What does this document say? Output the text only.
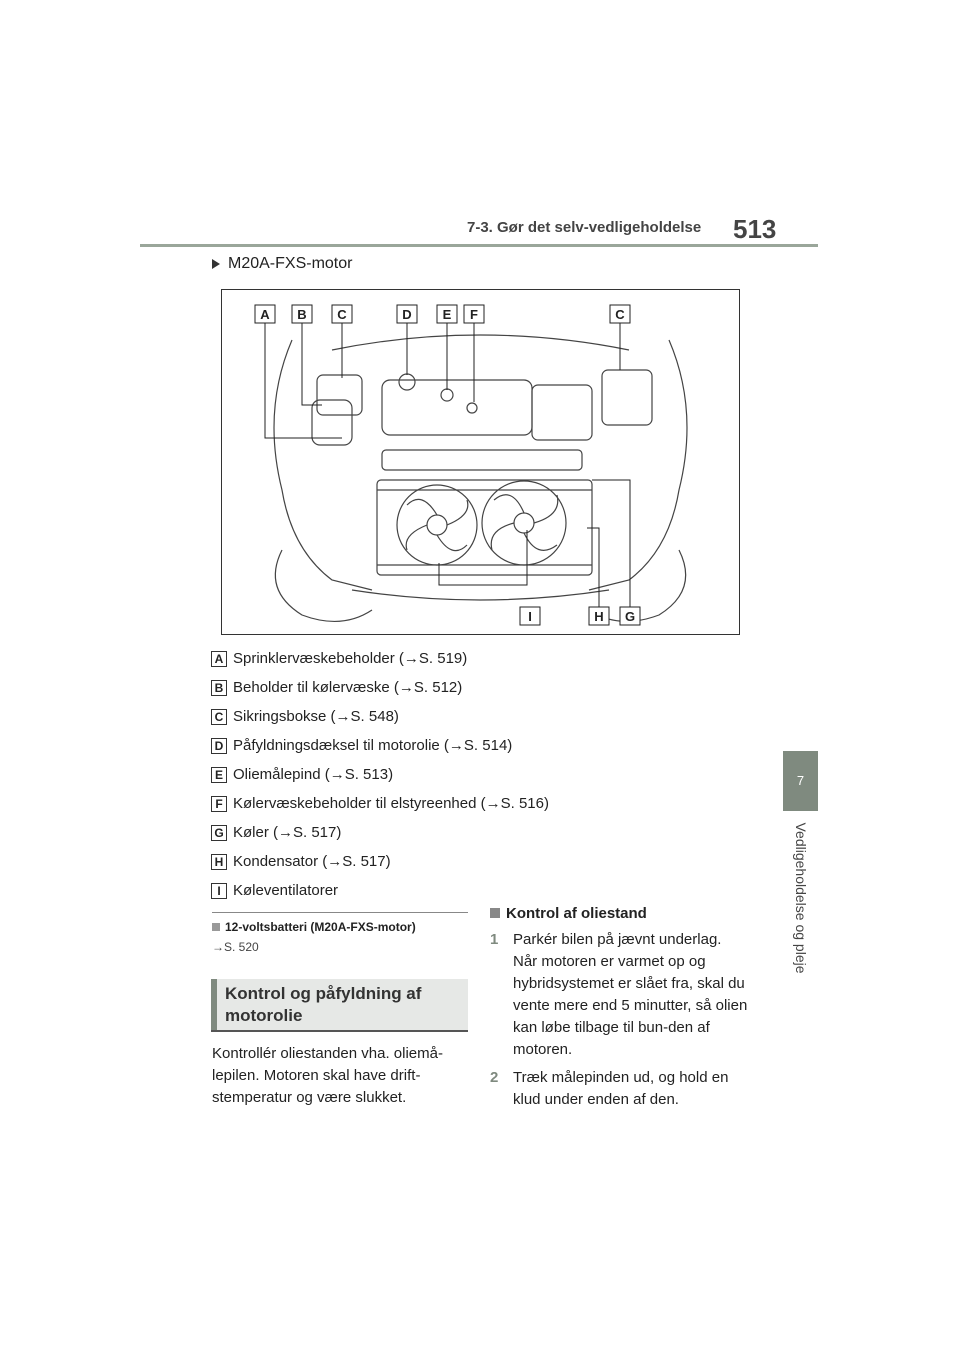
7-3. Gør det selv-vedligeholdelse 513
7
Vedligeholdelse og pleje
M20A-FXS-motor
A B C	D E F	C
I	H G
A Sprinklervæskebeholder (→S. 519)
B Beholder til kølervæske (→S. 512)
C Sikringsbokse (→S. 548)
D Påfyldningsdæksel til motorolie (→S. 514)
E Oliemålepind (→S. 513)
F Kølervæskebeholder til elstyreenhed (→S. 516)
G Køler (→S. 517)
H Kondensator (→S. 517)
I Køleventilatorer
12-voltsbatteri (M20A-FXS-motor)
→S. 520
Kontrol og påfyldning af motorolie
Kontrollér oliestanden vha. oliemå-lepilen. Motoren skal have drift-stemperatur og være slukket.
Kontrol af oliestand
1 Parkér bilen på jævnt underlag. Når motoren er varmet op og hybridsystemet er slået fra, skal du vente mere end 5 minutter, så olien kan løbe tilbage til bun-den af motoren.
2 Træk målepinden ud, og hold en klud under enden af den.
